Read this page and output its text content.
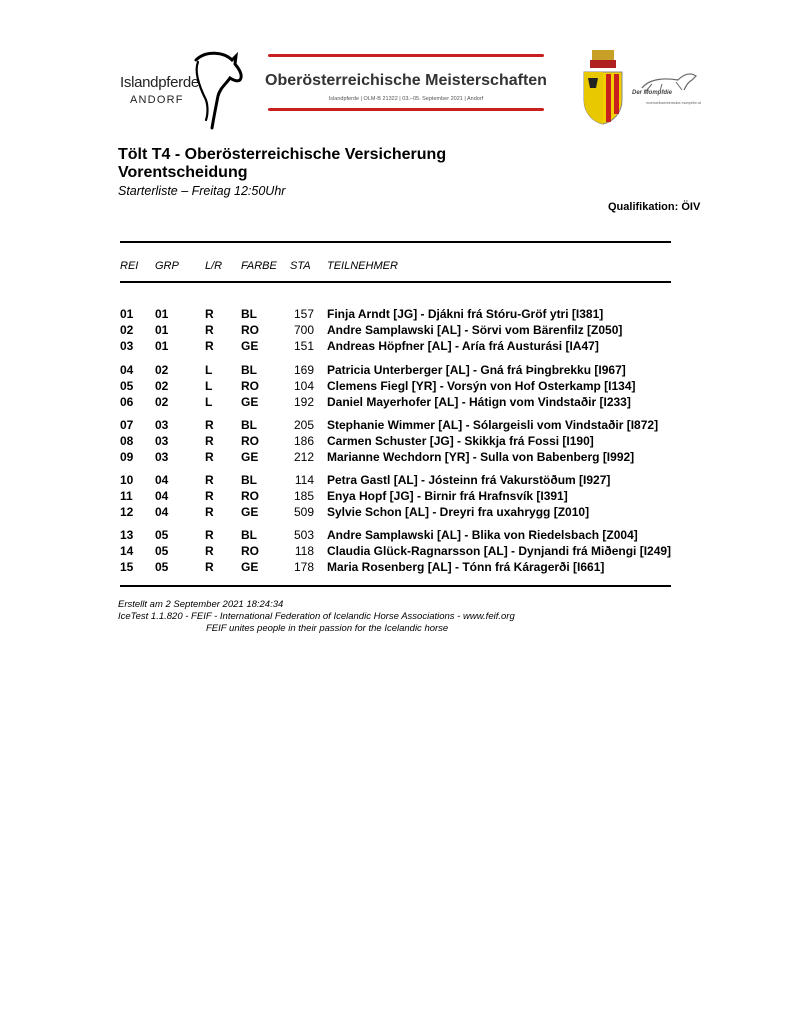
Islandpferde
ANDORF
Oberösterreichische Meisterschaften
Islandpferde | OLM-B 21322 | 03.–05. September 2021 | Andorf
Der Mompfdie
moerschbaeckerstube-mompfdie.at
Tölt T4 - Oberösterreichische Versicherung
Vorentscheidung
Starterliste – Freitag 12:50Uhr
Qualifikation: ÖIV
REI GRP L/R FARBE STA TEILNEHMER
01 01	R BL	157 Finja Arndt [JG] - Djákni frá Stóru-Gröf ytri [I381]
02 01	R RO	700 Andre Samplawski [AL] - Sörvi vom Bärenfilz [Z050]
03 01	R GE	151 Andreas Höpfner [AL] - Aría frá Austurási [IA47]
04 02	L BL	169 Patricia Unterberger [AL] - Gná frá Þingbrekku [I967]
05 02	L RO	104 Clemens Fiegl [YR] - Vorsýn von Hof Osterkamp [I134]
06 02	L GE	192 Daniel Mayerhofer [AL] - Hátign vom Vindstaðir [I233]
07 03	R BL	205 Stephanie Wimmer [AL] - Sólargeisli vom Vindstaðir [I872]
08 03	R RO	186 Carmen Schuster [JG] - Skikkja frá Fossi [I190]
09 03	R GE	212 Marianne Wechdorn [YR] - Sulla von Babenberg [I992]
10 04	R BL	114 Petra Gastl [AL] - Jósteinn frá Vakurstöðum [I927]
11 04	R RO	185 Enya Hopf [JG] - Birnir frá Hrafnsvík [I391]
12 04	R GE	509 Sylvie Schon [AL] - Dreyri fra uxahrygg [Z010]
13 05	R BL	503 Andre Samplawski [AL] - Blika von Riedelsbach [Z004]
14 05	R RO	118 Claudia Glück-Ragnarsson [AL] - Dynjandi frá Miðengi [I249]
15 05	R GE	178 Maria Rosenberg [AL] - Tónn frá Káragerði [I661]
Erstellt am 2 September 2021 18:24:34
IceTest 1.1.820 - FEIF - International Federation of Icelandic Horse Associations - www.feif.org
FEIF unites people in their passion for the Icelandic horse
